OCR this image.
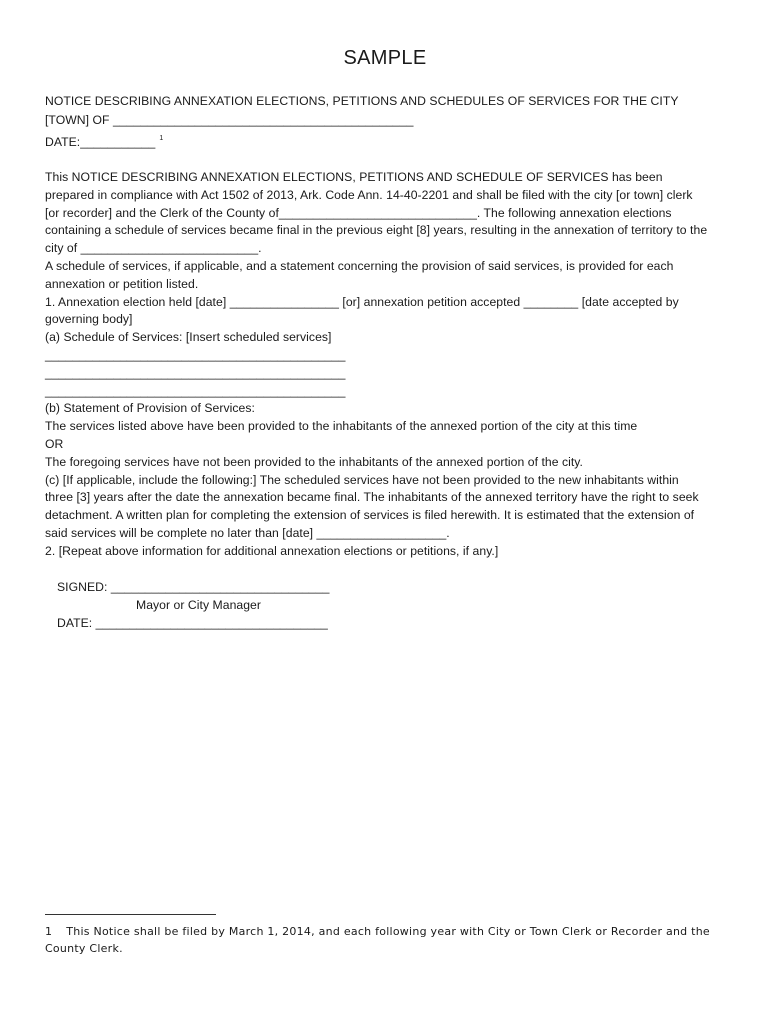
SAMPLE
NOTICE DESCRIBING ANNEXATION ELECTIONS, PETITIONS AND SCHEDULES OF SERVICES FOR THE CITY
[TOWN] OF ____________________________________________
DATE:___________ $^1$
This NOTICE DESCRIBING ANNEXATION ELECTIONS, PETITIONS AND SCHEDULE OF SERVICES has been
prepared in compliance with Act 1502 of 2013, Ark. Code Ann. 14-40-2201 and shall be filed with the city [or town] clerk
[or recorder] and the Clerk of the County of_____________________________. The following annexation elections
containing a schedule of services became final in the previous eight [8] years, resulting in the annexation of territory to the
city of __________________________.
A schedule of services, if applicable, and a statement concerning the provision of said services, is provided for each
annexation or petition listed.
1. Annexation election held [date] ________________ [or] annexation petition accepted ________ [date accepted by
governing body]
(a) Schedule of Services: [Insert scheduled services]
____________________________________________
____________________________________________
____________________________________________
(b) Statement of Provision of Services:
The services listed above have been provided to the inhabitants of the annexed portion of the city at this time
OR
The foregoing services have not been provided to the inhabitants of the annexed portion of the city.
(c) [If applicable, include the following:] The scheduled services have not been provided to the new inhabitants within
three [3] years after the date the annexation became final. The inhabitants of the annexed territory have the right to seek
detachment. A written plan for completing the extension of services is filed herewith. It is estimated that the extension of
said services will be complete no later than [date] ___________________.
2. [Repeat above information for additional annexation elections or petitions, if any.]
SIGNED: ________________________________
Mayor or City Manager
DATE: __________________________________
1 This Notice shall be filed by March 1, 2014, and each following year with City or Town Clerk or Recorder and the
County Clerk.
